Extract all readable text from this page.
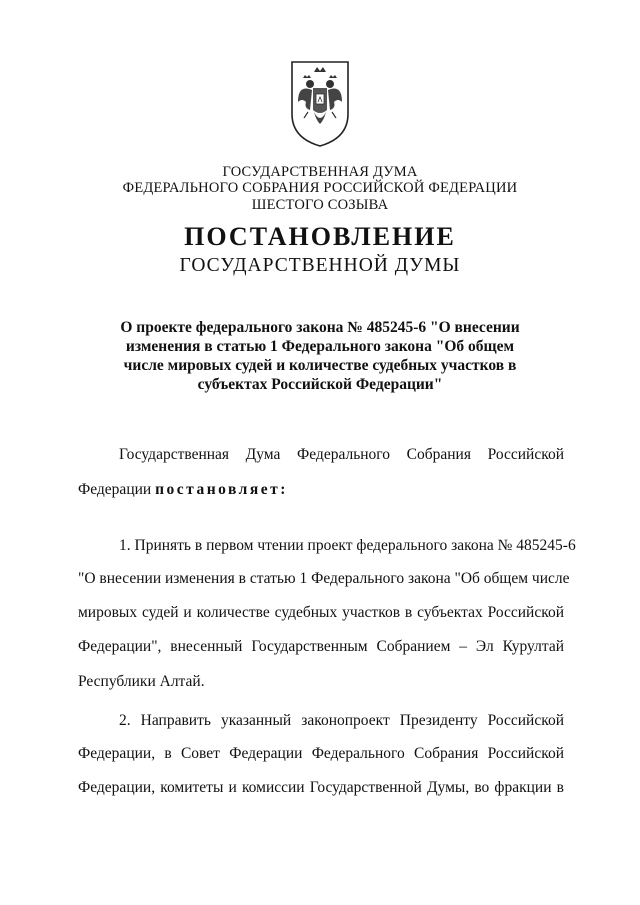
ГОСУДАРСТВЕННАЯ ДУМА
ФЕДЕРАЛЬНОГО СОБРАНИЯ РОССИЙСКОЙ ФЕДЕРАЦИИ
ШЕСТОГО СОЗЫВА
ПОСТАНОВЛЕНИЕ
ГОСУДАРСТВЕННОЙ ДУМЫ
О проекте федерального закона № 485245-6 "О внесении
изменения в статью 1 Федерального закона "Об общем
числе мировых судей и количестве судебных участков в
субъектах Российской Федерации"
Государственная Дума Федерального Собрания Российской
Федерации постановляет:
1. Принять в первом чтении проект федерального закона № 485245-6
"О внесении изменения в статью 1 Федерального закона "Об общем числе
мировых судей и количестве судебных участков в субъектах Российской
Федерации", внесенный Государственным Собранием – Эл Курултай
Республики Алтай.
2. Направить указанный законопроект Президенту Российской
Федерации, в Совет Федерации Федерального Собрания Российской
Федерации, комитеты и комиссии Государственной Думы, во фракции в
